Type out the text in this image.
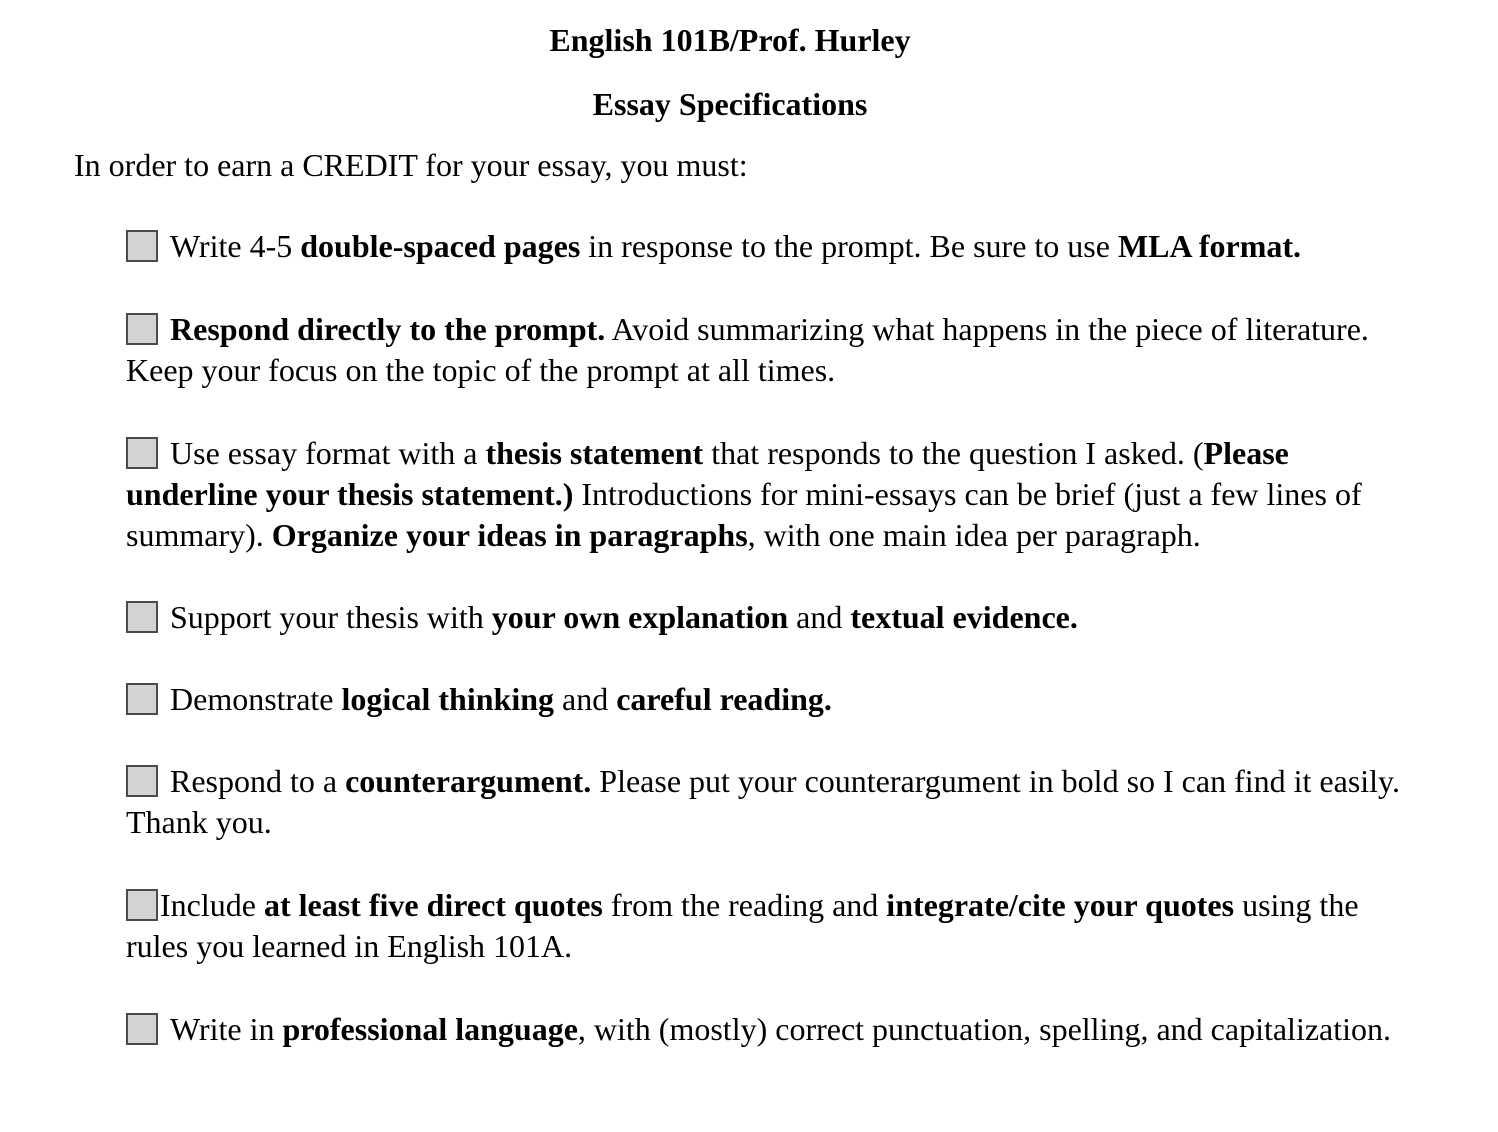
English 101B/Prof. Hurley
Essay Specifications
In order to earn a CREDIT for your essay, you must:
Write 4-5 double-spaced pages in response to the prompt. Be sure to use MLA format.
Respond directly to the prompt. Avoid summarizing what happens in the piece of literature. Keep your focus on the topic of the prompt at all times.
Use essay format with a thesis statement that responds to the question I asked. (Please underline your thesis statement.) Introductions for mini-essays can be brief (just a few lines of summary). Organize your ideas in paragraphs, with one main idea per paragraph.
Support your thesis with your own explanation and textual evidence.
Demonstrate logical thinking and careful reading.
Respond to a counterargument. Please put your counterargument in bold so I can find it easily. Thank you.
Include at least five direct quotes from the reading and integrate/cite your quotes using the rules you learned in English 101A.
Write in professional language, with (mostly) correct punctuation, spelling, and capitalization.
